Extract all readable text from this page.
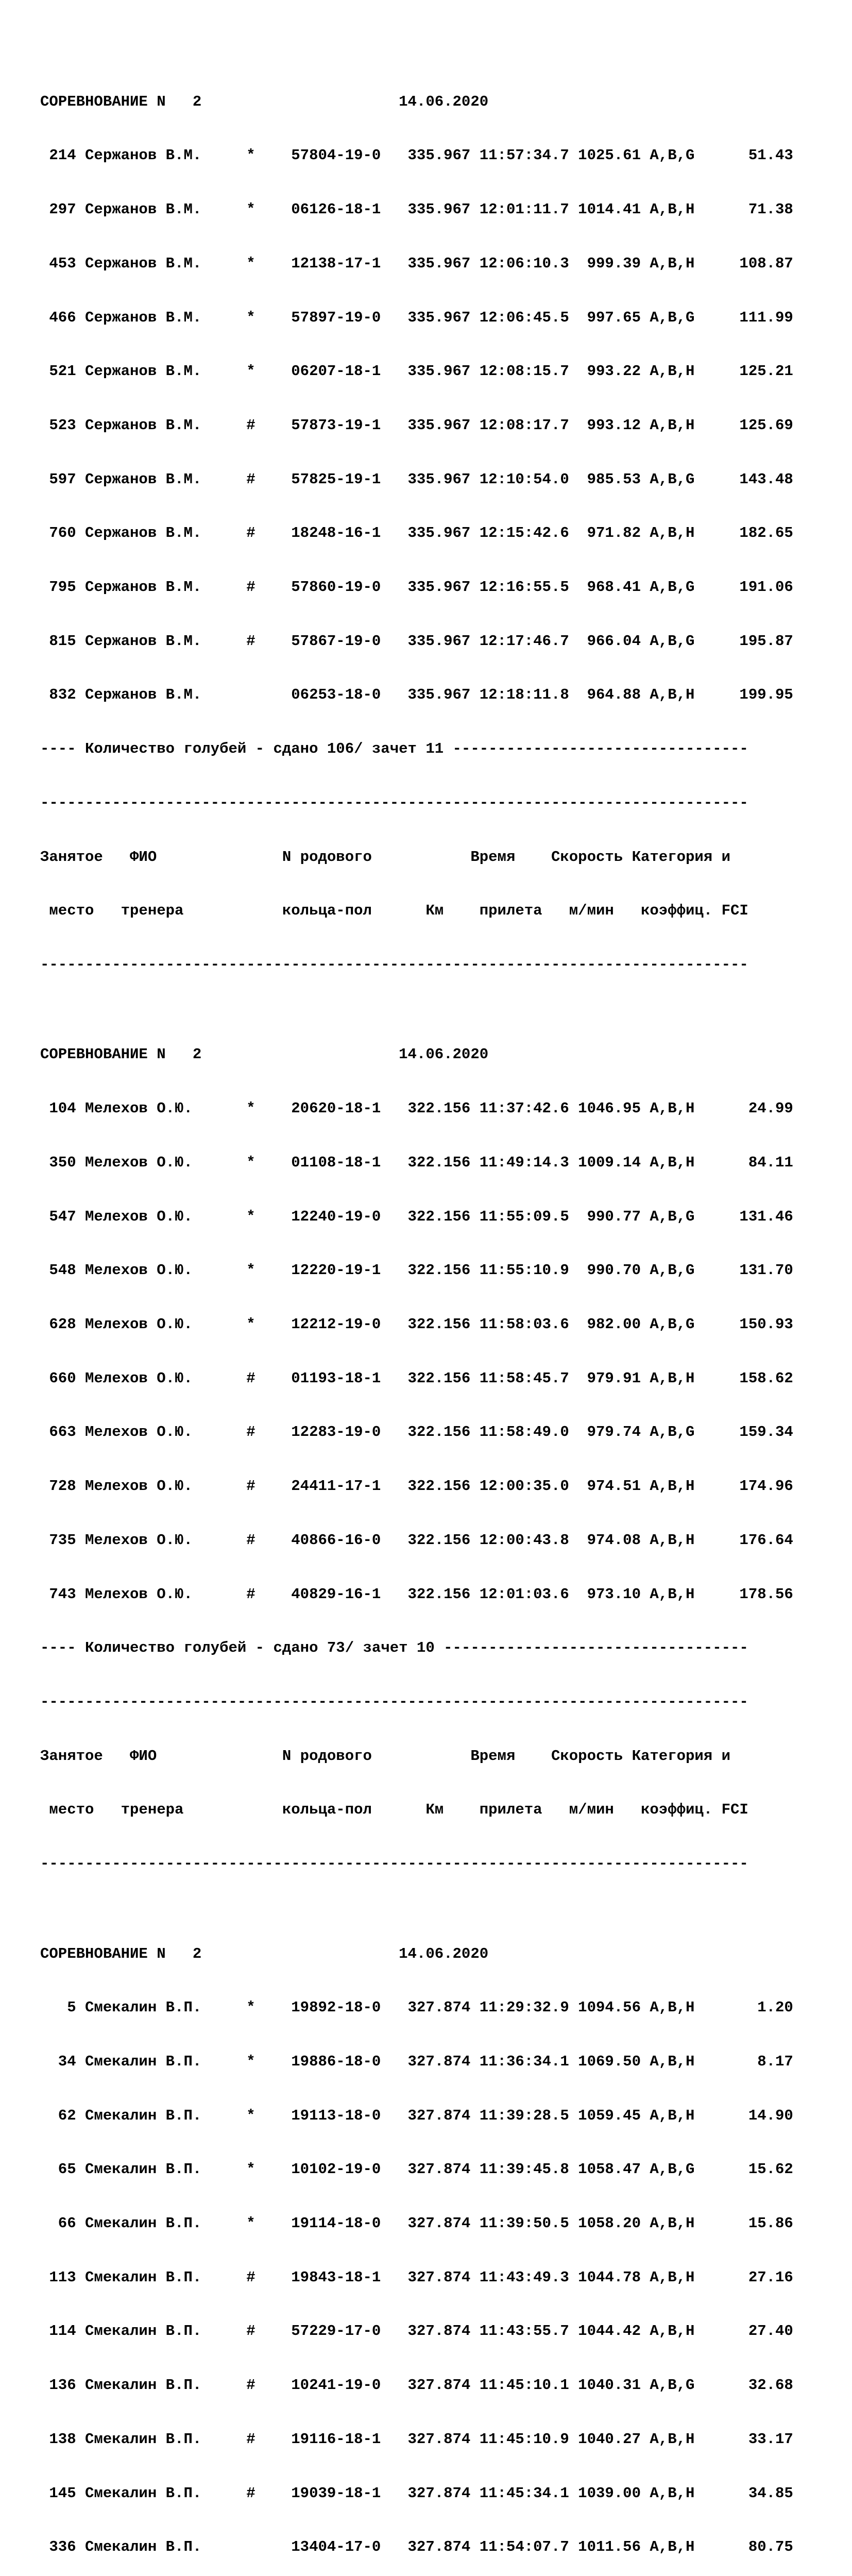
СОРЕВНОВАНИЕ N   2                      14.06.2020

214 Сержанов В.М.     *    57804-19-0   335.967 11:57:34.7 1025.61 A,B,G      51.43

297 Сержанов В.М.     *    06126-18-1   335.967 12:01:11.7 1014.41 A,B,H      71.38

453 Сержанов В.М.     *    12138-17-1   335.967 12:06:10.3  999.39 A,B,H     108.87

466 Сержанов В.М.     *    57897-19-0   335.967 12:06:45.5  997.65 A,B,G     111.99

521 Сержанов В.М.     *    06207-18-1   335.967 12:08:15.7  993.22 A,B,H     125.21

523 Сержанов В.М.     #    57873-19-1   335.967 12:08:17.7  993.12 A,B,H     125.69

597 Сержанов В.М.     #    57825-19-1   335.967 12:10:54.0  985.53 A,B,G     143.48

760 Сержанов В.М.     #    18248-16-1   335.967 12:15:42.6  971.82 A,B,H     182.65

795 Сержанов В.М.     #    57860-19-0   335.967 12:16:55.5  968.41 A,B,G     191.06

815 Сержанов В.М.     #    57867-19-0   335.967 12:17:46.7  966.04 A,B,G     195.87

832 Сержанов В.М.          06253-18-0   335.967 12:18:11.8  964.88 A,B,H     199.95

---- Количество голубей - сдано 106/ зачет 11 ---------------------------------

-------------------------------------------------------------------------------

Занятое   ФИО              N родового           Время    Скорость Категория и

место   тренера           кольца-пол      Км    прилета   м/мин   коэффиц. FCI

-------------------------------------------------------------------------------

СОРЕВНОВАНИЕ N   2                      14.06.2020

104 Мелехов О.Ю.      *    20620-18-1   322.156 11:37:42.6 1046.95 A,B,H      24.99

350 Мелехов О.Ю.      *    01108-18-1   322.156 11:49:14.3 1009.14 A,B,H      84.11

547 Мелехов О.Ю.      *    12240-19-0   322.156 11:55:09.5  990.77 A,B,G     131.46

548 Мелехов О.Ю.      *    12220-19-1   322.156 11:55:10.9  990.70 A,B,G     131.70

628 Мелехов О.Ю.      *    12212-19-0   322.156 11:58:03.6  982.00 A,B,G     150.93

660 Мелехов О.Ю.      #    01193-18-1   322.156 11:58:45.7  979.91 A,B,H     158.62

663 Мелехов О.Ю.      #    12283-19-0   322.156 11:58:49.0  979.74 A,B,G     159.34

728 Мелехов О.Ю.      #    24411-17-1   322.156 12:00:35.0  974.51 A,B,H     174.96

735 Мелехов О.Ю.      #    40866-16-0   322.156 12:00:43.8  974.08 A,B,H     176.64

743 Мелехов О.Ю.      #    40829-16-1   322.156 12:01:03.6  973.10 A,B,H     178.56

---- Количество голубей - сдано 73/ зачет 10 ----------------------------------

-------------------------------------------------------------------------------

Занятое   ФИО              N родового           Время    Скорость Категория и

место   тренера           кольца-пол      Км    прилета   м/мин   коэффиц. FCI

-------------------------------------------------------------------------------

СОРЕВНОВАНИЕ N   2                      14.06.2020

5 Смекалин В.П.     *    19892-18-0   327.874 11:29:32.9 1094.56 A,B,H       1.20

34 Смекалин В.П.     *    19886-18-0   327.874 11:36:34.1 1069.50 A,B,H       8.17

62 Смекалин В.П.     *    19113-18-0   327.874 11:39:28.5 1059.45 A,B,H      14.90

65 Смекалин В.П.     *    10102-19-0   327.874 11:39:45.8 1058.47 A,B,G      15.62

66 Смекалин В.П.     *    19114-18-0   327.874 11:39:50.5 1058.20 A,B,H      15.86

113 Смекалин В.П.     #    19843-18-1   327.874 11:43:49.3 1044.78 A,B,H      27.16

114 Смекалин В.П.     #    57229-17-0   327.874 11:43:55.7 1044.42 A,B,H      27.40

136 Смекалин В.П.     #    10241-19-0   327.874 11:45:10.1 1040.31 A,B,G      32.68

138 Смекалин В.П.     #    19116-18-1   327.874 11:45:10.9 1040.27 A,B,H      33.17

145 Смекалин В.П.     #    19039-18-1   327.874 11:45:34.1 1039.00 A,B,H      34.85

336 Смекалин В.П.          13404-17-0   327.874 11:54:07.7 1011.56 A,B,H      80.75
